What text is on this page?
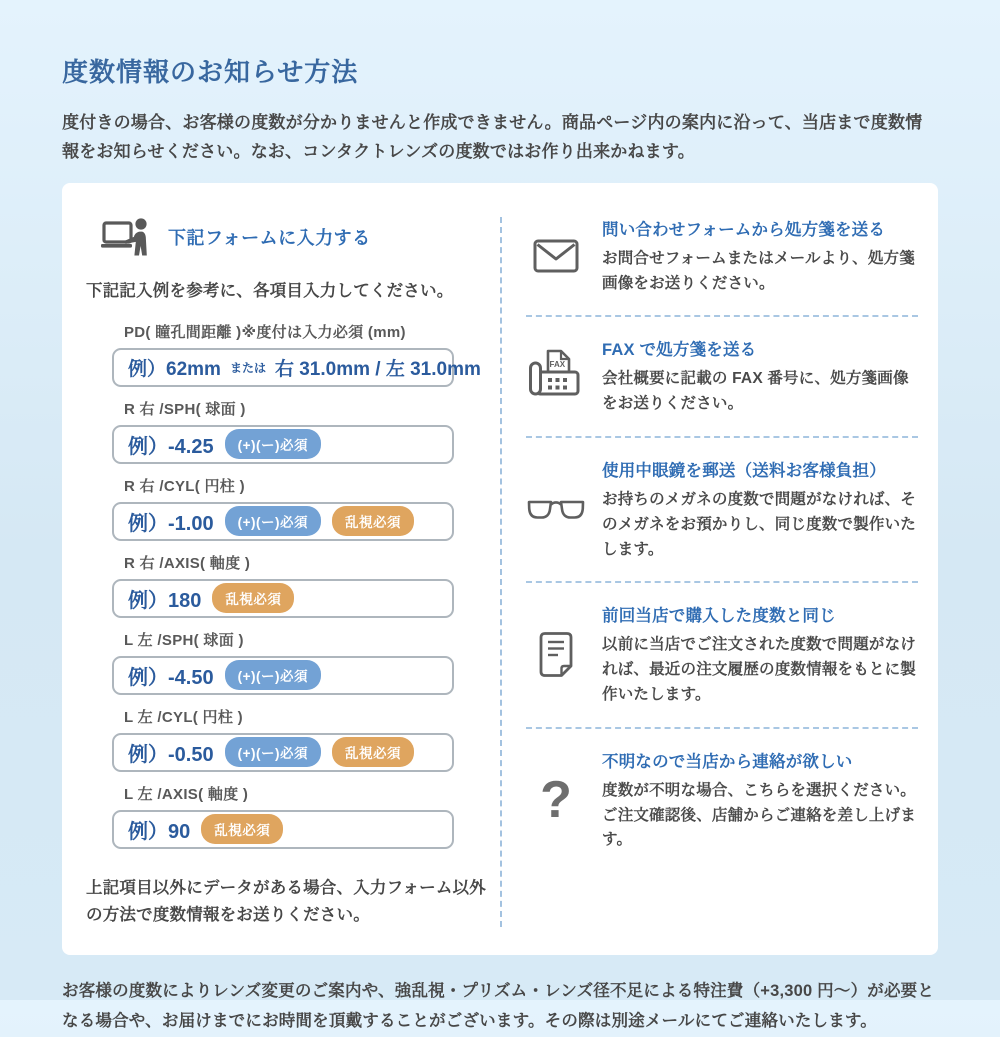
度数情報のお知らせ方法

度付きの場合、お客様の度数が分かりませんと作成できません。商品ページ内の案内に沿って、当店まで度数情報をお知らせください。なお、コンタクトレンズの度数ではお作り出来かねます。

下記フォームに入力する

下記記入例を参考に、各項目入力してください。

PD( 瞳孔間距離 )※度付は入力必須 (mm)
例）62mm または 右 31.0mm / 左 31.0mm
R 右 /SPH( 球面 )
例）-4.25	(+)(ー)必須
R 右 /CYL( 円柱 )
例）-1.00	(+)(ー)必須	乱視必須
R 右 /AXIS( 軸度 )
例）180	乱視必須
L 左 /SPH( 球面 )
例）-4.50	(+)(ー)必須
L 左 /CYL( 円柱 )
例）-0.50	(+)(ー)必須	乱視必須
L 左 /AXIS( 軸度 )
例）90	乱視必須

上記項目以外にデータがある場合、入力フォーム以外の方法で度数情報をお送りください。

問い合わせフォームから処方箋を送る
お問合せフォームまたはメールより、処方箋画像をお送りください。
FAX
FAX で処方箋を送る
会社概要に記載の FAX 番号に、処方箋画像をお送りください。
使用中眼鏡を郵送（送料お客様負担）
お持ちのメガネの度数で問題がなければ、そのメガネをお預かりし、同じ度数で製作いたします。
前回当店で購入した度数と同じ
以前に当店でご注文された度数で問題がなければ、最近の注文履歴の度数情報をもとに製作いたします。
?
不明なので当店から連絡が欲しい
度数が不明な場合、こちらを選択ください。ご注文確認後、店舗からご連絡を差し上げます。

お客様の度数によりレンズ変更のご案内や、強乱視・プリズム・レンズ径不足による特注費（+3,300 円〜）が必要となる場合や、お届けまでにお時間を頂戴することがございます。その際は別途メールにてご連絡いたします。
